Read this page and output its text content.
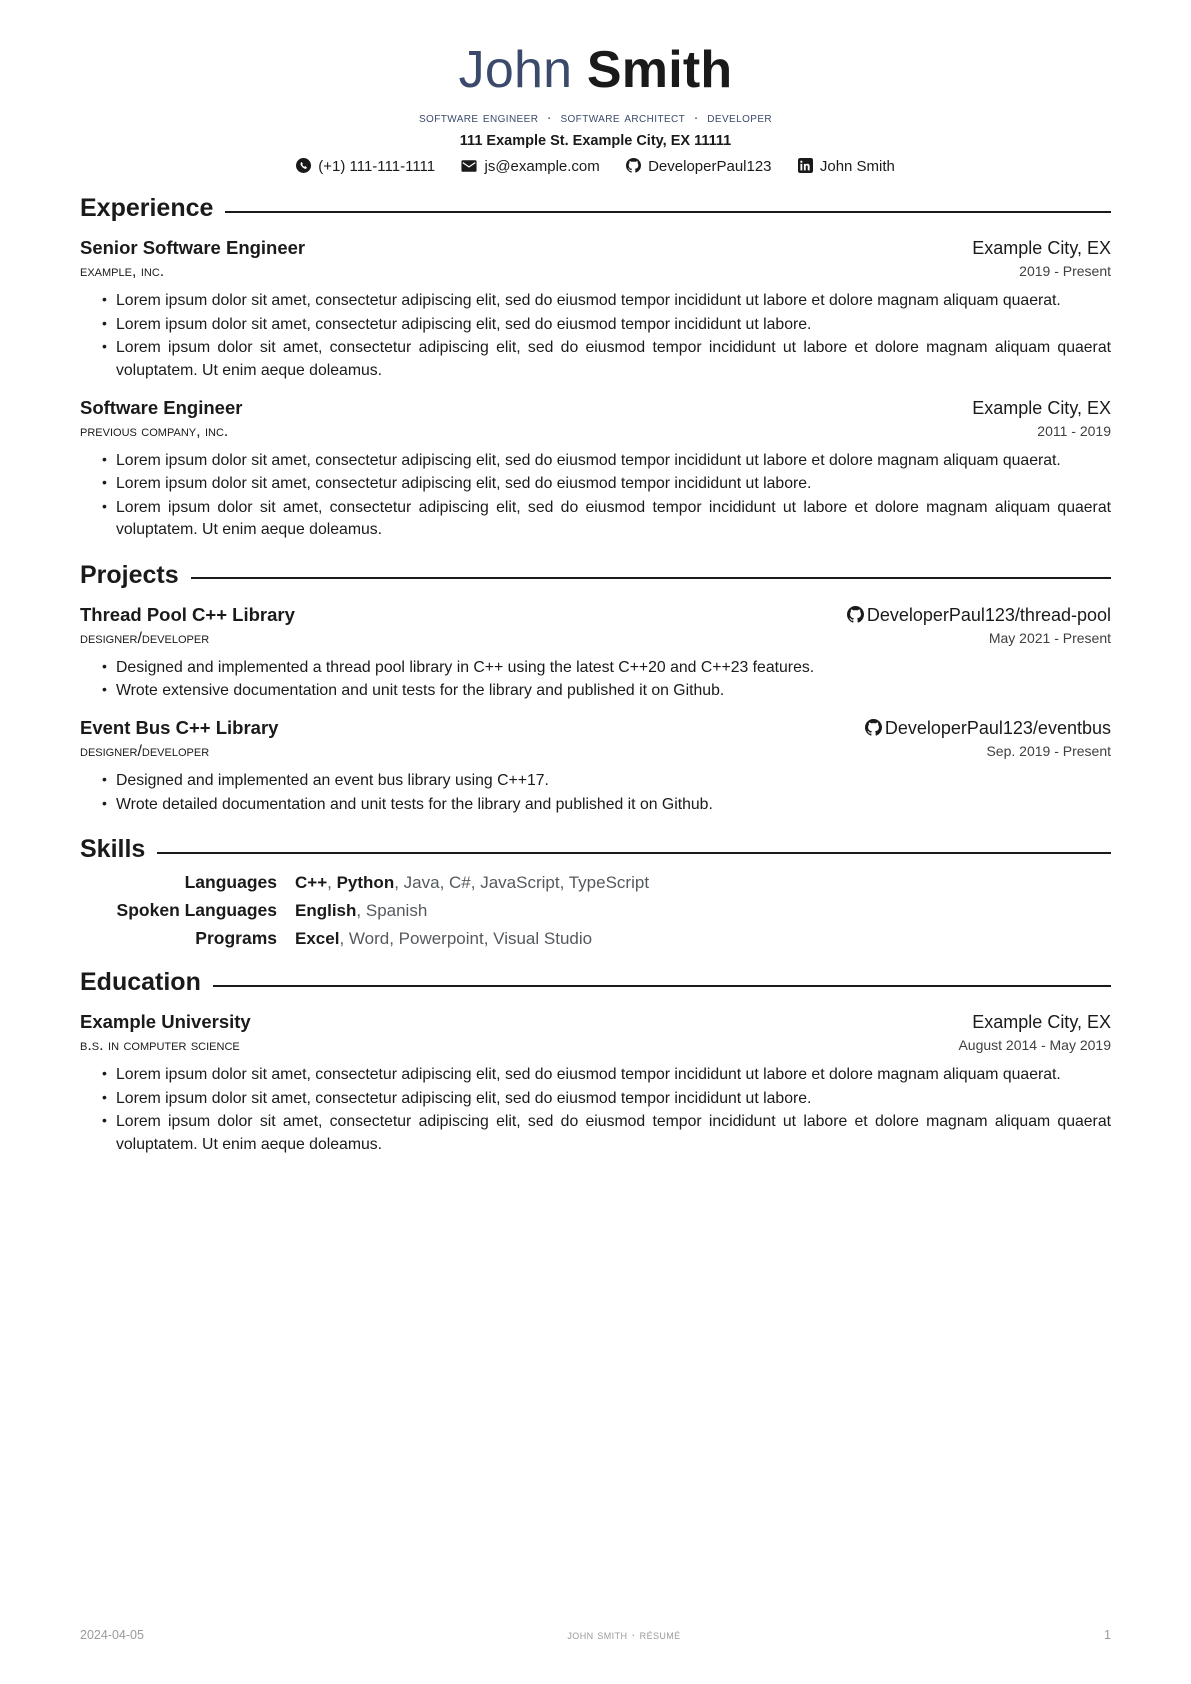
John Smith
software engineer · software architect · developer
111 Example St. Example City, EX 11111
(+1) 111-111-1111	js@example.com	DeveloperPaul123	John Smith
Experience
Senior Software Engineer	Example City, EX
example, inc.	2019 - Present
• Lorem ipsum dolor sit amet, consectetur adipiscing elit, sed do eiusmod tempor incididunt ut labore et dolore magnam aliquam quaerat.
• Lorem ipsum dolor sit amet, consectetur adipiscing elit, sed do eiusmod tempor incididunt ut labore.
• Lorem ipsum dolor sit amet, consectetur adipiscing elit, sed do eiusmod tempor incididunt ut labore et dolore magnam aliquam quaerat voluptatem. Ut enim aeque doleamus.
Software Engineer	Example City, EX
previous company, inc.	2011 - 2019
• Lorem ipsum dolor sit amet, consectetur adipiscing elit, sed do eiusmod tempor incididunt ut labore et dolore magnam aliquam quaerat.
• Lorem ipsum dolor sit amet, consectetur adipiscing elit, sed do eiusmod tempor incididunt ut labore.
• Lorem ipsum dolor sit amet, consectetur adipiscing elit, sed do eiusmod tempor incididunt ut labore et dolore magnam aliquam quaerat voluptatem. Ut enim aeque doleamus.
Projects
Thread Pool C++ Library	DeveloperPaul123/thread-pool
designer/developer	May 2021 - Present
• Designed and implemented a thread pool library in C++ using the latest C++20 and C++23 features.
• Wrote extensive documentation and unit tests for the library and published it on Github.
Event Bus C++ Library	DeveloperPaul123/eventbus
designer/developer	Sep. 2019 - Present
• Designed and implemented an event bus library using C++17.
• Wrote detailed documentation and unit tests for the library and published it on Github.
Skills
Languages	C++, Python, Java, C#, JavaScript, TypeScript
Spoken Languages	English, Spanish
Programs	Excel, Word, Powerpoint, Visual Studio
Education
Example University	Example City, EX
b.s. in computer science	August 2014 - May 2019
• Lorem ipsum dolor sit amet, consectetur adipiscing elit, sed do eiusmod tempor incididunt ut labore et dolore magnam aliquam quaerat.
• Lorem ipsum dolor sit amet, consectetur adipiscing elit, sed do eiusmod tempor incididunt ut labore.
• Lorem ipsum dolor sit amet, consectetur adipiscing elit, sed do eiusmod tempor incididunt ut labore et dolore magnam aliquam quaerat voluptatem. Ut enim aeque doleamus.
2024-04-05	john smith · résumé	1
